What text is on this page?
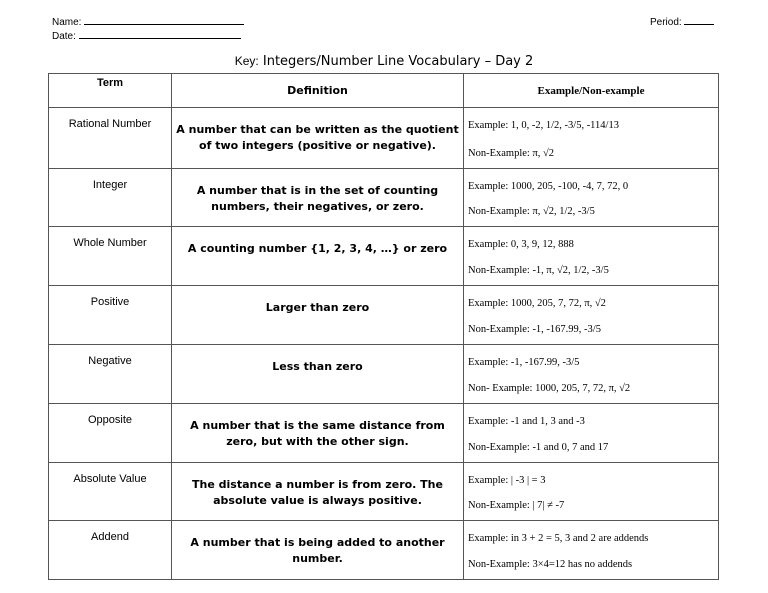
Name:
Date:
Period:
Key: Integers/Number Line Vocabulary – Day 2
Term	Definition	Example/Non-example
Rational Number	A number that can be written as the quotient of two integers (positive or negative).	Example: 1, 0, -2, 1/2, -3/5, -114/13
Non-Example: π, √2

Integer	A number that is in the set of counting numbers, their negatives, or zero.	Example: 1000, 205, -100, -4, 7, 72, 0
Non-Example: π, √2, 1/2, -3/5

Whole Number	A counting number {1, 2, 3, 4, …} or zero	Example: 0, 3, 9, 12, 888
Non-Example: -1, π, √2, 1/2, -3/5

Positive	Larger than zero	Example: 1000, 205, 7, 72, π, √2
Non-Example: -1, -167.99, -3/5

Negative	Less than zero	Example: -1, -167.99, -3/5
Non- Example: 1000, 205, 7, 72, π, √2

Opposite	A number that is the same distance from zero, but with the other sign.	Example: -1 and 1, 3 and -3
Non-Example: -1 and 0, 7 and 17

Absolute Value	The distance a number is from zero. The absolute value is always positive.	Example: | -3 | = 3
Non-Example: | 7| ≠ -7

Addend	A number that is being added to another number.	Example: in 3 + 2 = 5, 3 and 2 are addends
Non-Example: 3×4=12 has no addends
